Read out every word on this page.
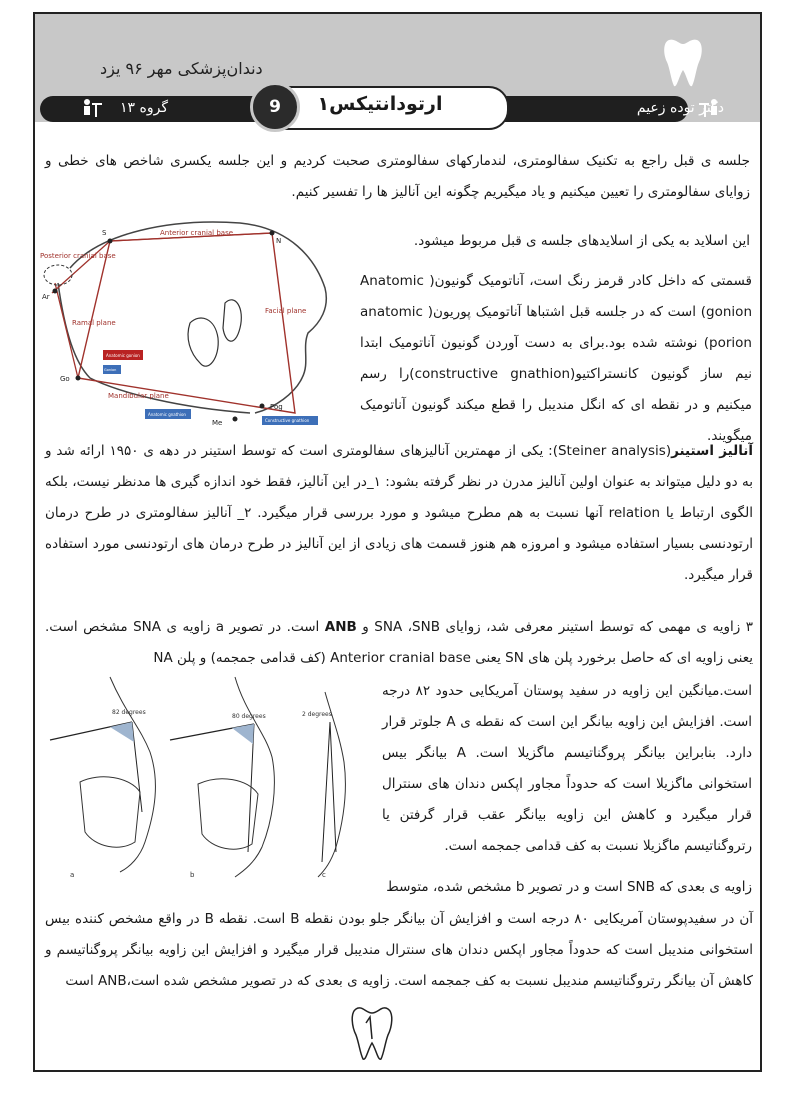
دندان‌پزشکی مهر ۹۶ یزد
دکتر توده زعیم
گروه ۱۳	ارتودانتیکس۱
9
جلسه ی قبل راجع به تکنیک سفالومتری، لندمارکهای سفالومتری صحبت کردیم و این جلسه یکسری شاخص های خطی و زوایای سفالومتری را تعیین میکنیم و یاد میگیریم چگونه این آنالیز ها را تفسیر کنیم.
Anterior cranial base
Posterior cranial base
Ramal plane
Facial plane
Mandibular plane
N
S
Ar
Go
Pog
Me
Anatomic gonion
Gonion
Anatomic gnathion
Constructive gnathion
این اسلاید به یکی از اسلایدهای جلسه ی قبل مربوط میشود.
قسمتی که داخل کادر قرمز رنگ است، آناتومیک گونیون( Anatomic gonion) است که در جلسه قبل اشتباها آناتومیک پوریون( anatomic porion) نوشته شده بود.برای به دست آوردن گونیون آناتومیک ابتدا نیم ساز گونیون کانستراکتیو(constructive gnathion)را رسم میکنیم و در نقطه ای که انگل مندیبل را قطع میکند گونیون آناتومیک میگویند.
آنالیز استینر(Steiner analysis): یکی از مهمترین آنالیزهای سفالومتری است که توسط استینر در دهه ی ۱۹۵۰ ارائه شد و به دو دلیل میتواند به عنوان اولین آنالیز مدرن در نظر گرفته بشود: ۱_در این آنالیز، فقط خود اندازه گیری ها مدنظر نیست، بلکه الگوی ارتباط یا relation آنها نسبت به هم مطرح میشود و مورد بررسی قرار میگیرد. ۲_ آنالیز سفالومتری در طرح درمان ارتودنسی بسیار استفاده میشود و امروزه هم هنوز قسمت های زیادی از این آنالیز در طرح درمان های ارتودنسی مورد استفاده قرار میگیرد.
۳ زاویه ی مهمی که توسط استینر معرفی شد، زوایای SNA ،SNB و ANB است. در تصویر a زاویه ی SNA مشخص است. یعنی زاویه ای که حاصل برخورد پلن های SN یعنی Anterior cranial base (کف قدامی جمجمه) و پلن NA
82 degrees
a
80 degrees
b
2 degrees
c
است.میانگین این زاویه در سفید پوستان آمریکایی حدود ۸۲ درجه است. افزایش این زاویه بیانگر این است که نقطه ی A جلوتر قرار دارد. بنابراین بیانگر پروگناتیسم ماگزیلا است. A بیانگر بیس استخوانی ماگزیلا است که حدوداً مجاور اپکس دندان های سنترال قرار میگیرد و کاهش این زاویه بیانگر عقب قرار گرفتن یا رتروگناتیسم ماگزیلا نسبت به کف قدامی جمجمه است.
زاویه ی بعدی که SNB است و در تصویر b مشخص شده، متوسط
آن در سفیدپوستان آمریکایی ۸۰ درجه است و افزایش آن بیانگر جلو بودن نقطه B است. نقطه B در واقع مشخص کننده بیس استخوانی مندیبل است که حدوداً مجاور اپکس دندان های سنترال مندیبل قرار میگیرد و افزایش این زاویه بیانگر پروگناتیسم و کاهش آن بیانگر رتروگناتیسم مندیبل نسبت به کف جمجمه است. زاویه ی بعدی که در تصویر مشخص شده است،ANB است
